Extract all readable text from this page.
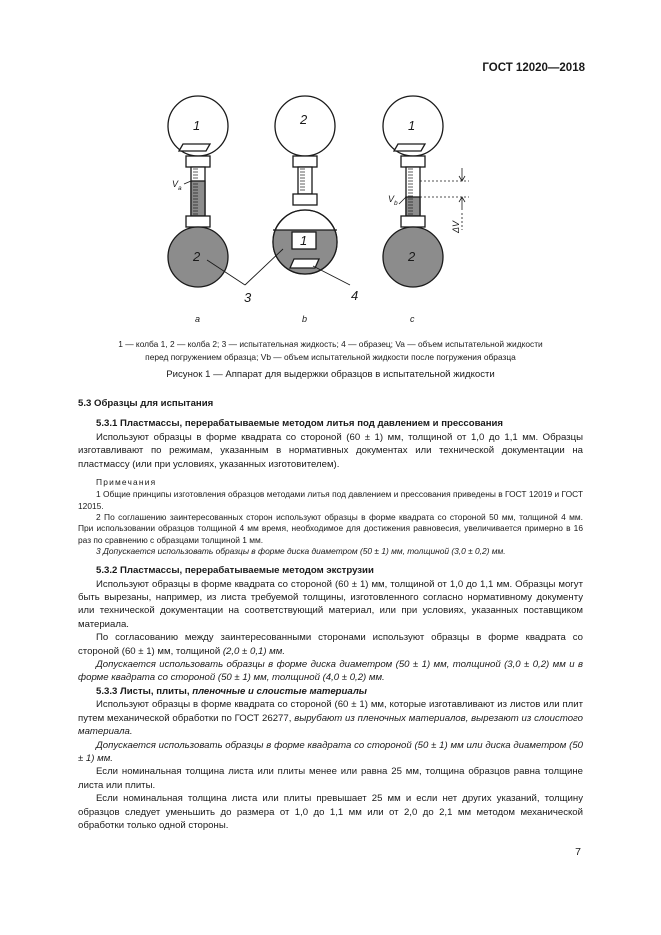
ГОСТ 12020—2018
1
2
2
1
1
2
3	4
V a
V b
ΔV
a	b	c
1 — колба 1, 2 — колба 2; 3 — испытательная жидкость; 4 — образец; Va — объем испытательной жидкости
перед погружением образца; Vb — объем испытательной жидкости после погружения образца
Рисунок 1 — Аппарат для выдержки образцов в испытательной жидкости

5.3 Образцы для испытания

5.3.1 Пластмассы, перерабатываемые методом литья под давлением и прессования

Используют образцы в форме квадрата со стороной (60 ± 1) мм, толщиной от 1,0 до 1,1 мм. Образцы изготавливают по режимам, указанным в нормативных документах или технической документации на пластмассу (или при условиях, указанных изготовителем).

Примечания

1 Общие принципы изготовления образцов методами литья под давлением и прессования приведены в ГОСТ 12019 и ГОСТ 12015.

2 По соглашению заинтересованных сторон используют образцы в форме квадрата со стороной 50 мм, толщиной 4 мм. При использовании образцов толщиной 4 мм время, необходимое для достижения равновесия, увеличивается примерно в 16 раз по сравнению с образцами толщиной 1 мм.

3 Допускается использовать образцы в форме диска диаметром (50 ± 1) мм, толщиной (3,0 ± 0,2) мм.

5.3.2 Пластмассы, перерабатываемые методом экструзии

Используют образцы в форме квадрата со стороной (60 ± 1) мм, толщиной от 1,0 до 1,1 мм. Образцы могут быть вырезаны, например, из листа требуемой толщины, изготовленного согласно нормативному документу или технической документации на соответствующий материал, или при условиях, указанных поставщиком материала.

По согласованию между заинтересованными сторонами используют образцы в форме квадрата со стороной (60 ± 1) мм, толщиной (2,0 ± 0,1) мм.

Допускается использовать образцы в форме диска диаметром (50 ± 1) мм, толщиной (3,0 ± 0,2) мм и в форме квадрата со стороной (50 ± 1) мм, толщиной (4,0 ± 0,2) мм.

5.3.3 Листы, плиты, пленочные и слоистые материалы

Используют образцы в форме квадрата со стороной (60 ± 1) мм, которые изготавливают из листов или плит путем механической обработки по ГОСТ 26277, вырубают из пленочных материалов, вырезают из слоистого материала.

Допускается использовать образцы в форме квадрата со стороной (50 ± 1) мм или диска диаметром (50 ± 1) мм.

Если номинальная толщина листа или плиты менее или равна 25 мм, толщина образцов равна толщине листа или плиты.

Если номинальная толщина листа или плиты превышает 25 мм и если нет других указаний, толщину образцов следует уменьшить до размера от 1,0 до 1,1 мм или от 2,0 до 2,1 мм методом механической обработки только одной стороны.

7
